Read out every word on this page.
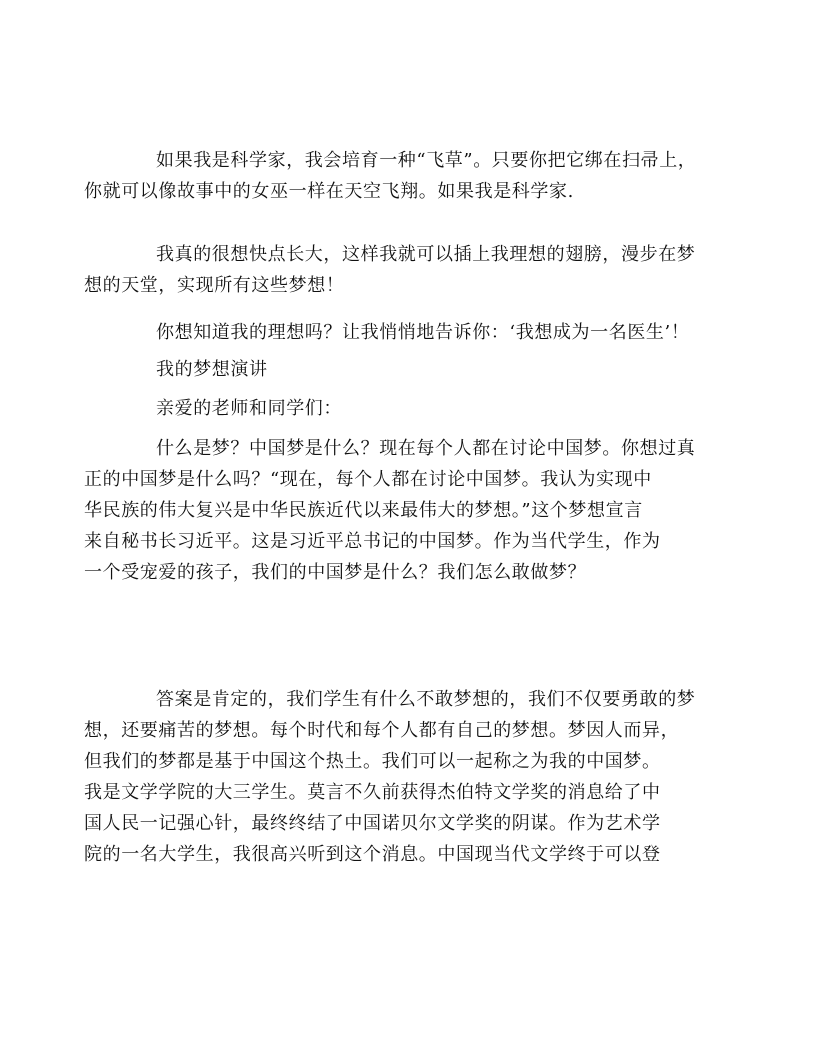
如果我是科学家，我会培育一种“飞草”。只要你把它绑在扫帚上，
你就可以像故事中的女巫一样在天空飞翔。如果我是科学家.

我真的很想快点长大，这样我就可以插上我理想的翅膀，漫步在梦
想的天堂，实现所有这些梦想！

你想知道我的理想吗？让我悄悄地告诉你：‘我想成为一名医生’！

我的梦想演讲

亲爱的老师和同学们：

什么是梦？中国梦是什么？现在每个人都在讨论中国梦。你想过真
正的中国梦是什么吗？“现在，每个人都在讨论中国梦。我认为实现中
华民族的伟大复兴是中华民族近代以来最伟大的梦想。”这个梦想宣言
来自秘书长习近平。这是习近平总书记的中国梦。作为当代学生，作为
一个受宠爱的孩子，我们的中国梦是什么？我们怎么敢做梦？

答案是肯定的，我们学生有什么不敢梦想的，我们不仅要勇敢的梦
想，还要痛苦的梦想。每个时代和每个人都有自己的梦想。梦因人而异，
但我们的梦都是基于中国这个热土。我们可以一起称之为我的中国梦。
我是文学学院的大三学生。莫言不久前获得杰伯特文学奖的消息给了中
国人民一记强心针，最终终结了中国诺贝尔文学奖的阴谋。作为艺术学
院的一名大学生，我很高兴听到这个消息。中国现当代文学终于可以登
